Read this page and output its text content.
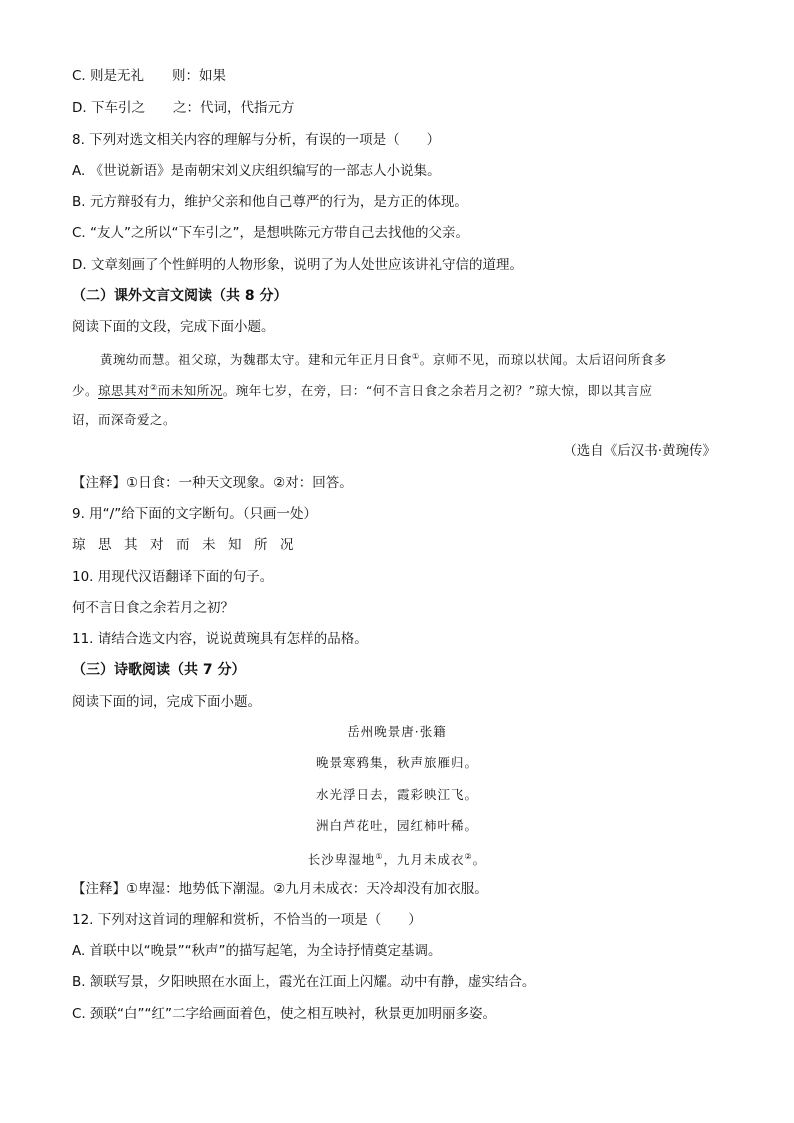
C. 则是无礼 则：如果
D. 下车引之 之：代词，代指元方
8. 下列对选文相关内容的理解与分析，有误的一项是（　　）
A. 《世说新语》是南朝宋刘义庆组织编写的一部志人小说集。
B. 元方辩驳有力，维护父亲和他自己尊严的行为，是方正的体现。
C. “友人”之所以“下车引之”，是想哄陈元方带自己去找他的父亲。
D. 文章刻画了个性鲜明的人物形象，说明了为人处世应该讲礼守信的道理。
（二）课外文言文阅读（共 8 分）
阅读下面的文段，完成下面小题。
黄琬幼而慧。祖父琼，为魏郡太守。建和元年正月日食①。京师不见，而琼以状闻。太后诏问所食多
少。琼思其对②而未知所况。琬年七岁，在旁，曰：“何不言日食之余若月之初？”琼大惊，即以其言应
诏，而深奇爱之。
（选自《后汉书·黄琬传》
【注释】①日食：一种天文现象。②对：回答。
9. 用“/”给下面的文字断句。（只画一处）
琼 思 其 对 而 未 知 所 况
10. 用现代汉语翻译下面的句子。
何不言日食之余若月之初？
11. 请结合选文内容，说说黄琬具有怎样的品格。
（三）诗歌阅读（共 7 分）
阅读下面的词，完成下面小题。
岳州晚景唐·张籍
晚景寒鸦集，秋声旅雁归。
水光浮日去，霞彩映江飞。
洲白芦花吐，园红柿叶稀。
长沙卑湿地①，九月未成衣②。
【注释】①卑湿：地势低下潮湿。②九月未成衣：天冷却没有加衣服。
12. 下列对这首词的理解和赏析，不恰当的一项是（　　）
A. 首联中以“晚景”“秋声”的描写起笔，为全诗抒情奠定基调。
B. 颔联写景，夕阳映照在水面上，霞光在江面上闪耀。动中有静，虚实结合。
C. 颈联“白”“红”二字给画面着色，使之相互映衬，秋景更加明丽多姿。
